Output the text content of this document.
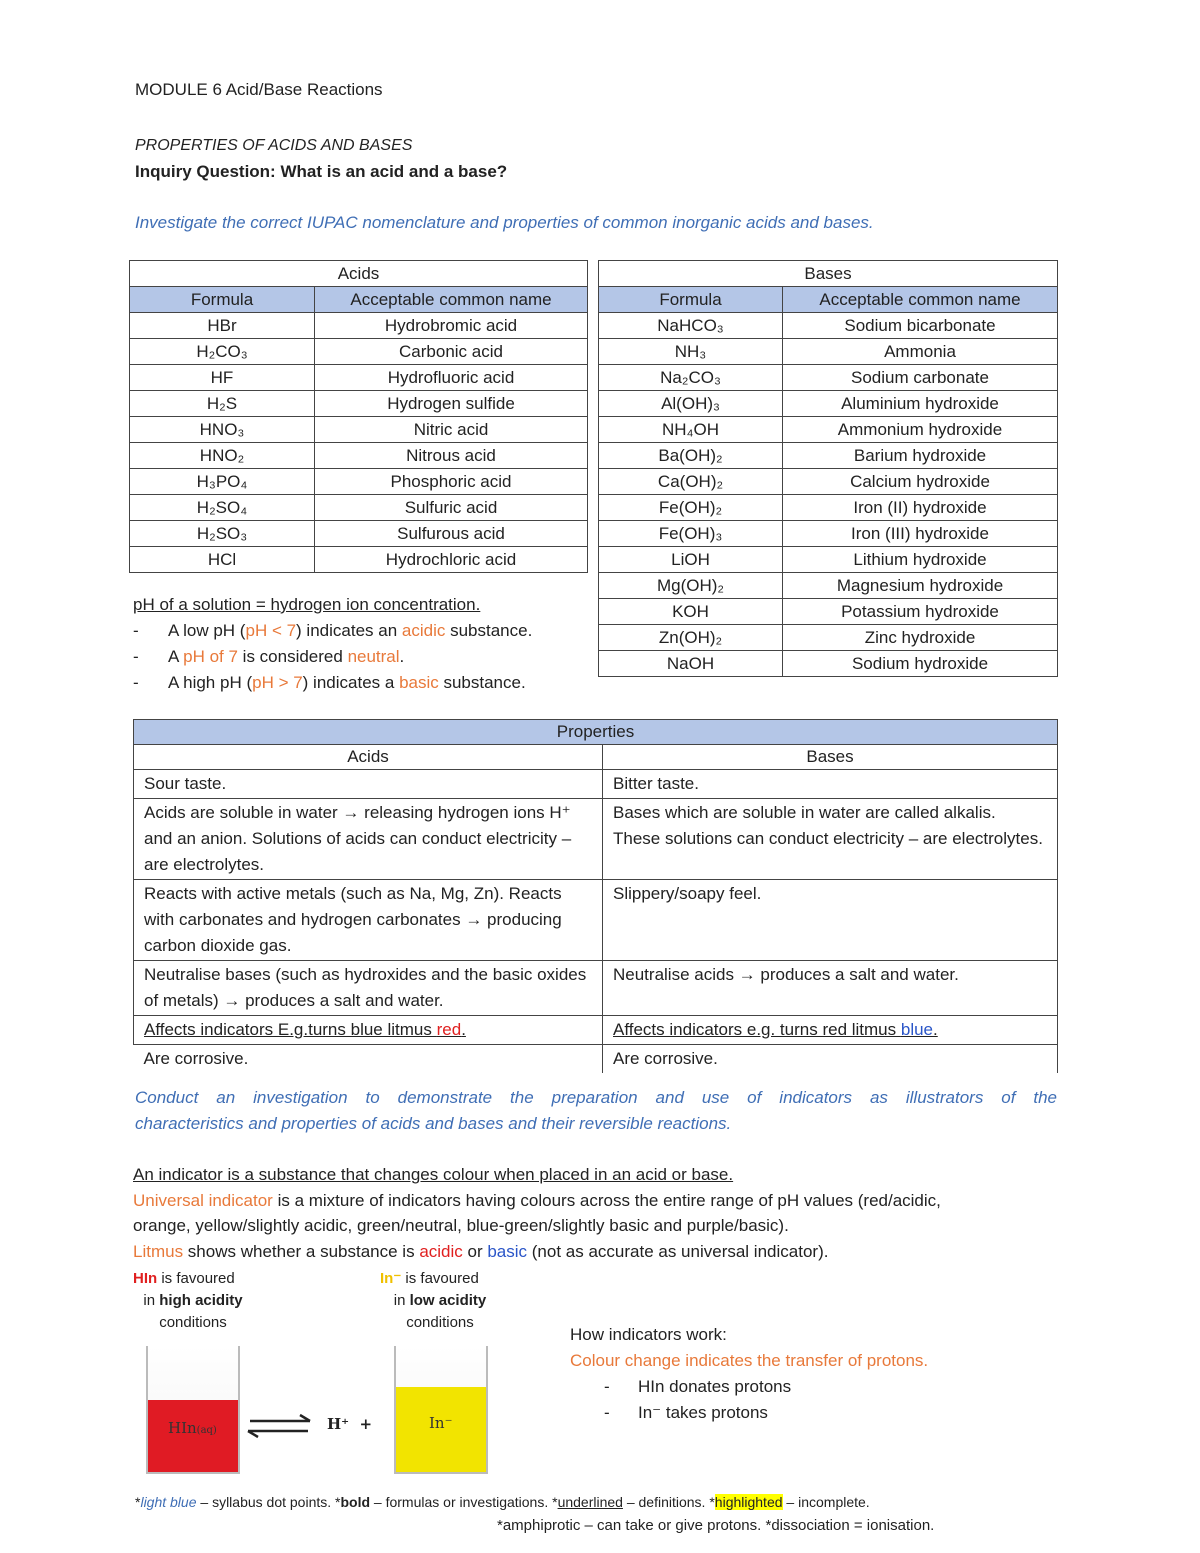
MODULE 6 Acid/Base Reactions
PROPERTIES OF ACIDS AND BASES
Inquiry Question: What is an acid and a base?
Investigate the correct IUPAC nomenclature and properties of common inorganic acids and bases.
Acids	
Formula	Acceptable common name
HBr	Hydrobromic acid
H₂CO₃	Carbonic acid
HF	Hydrofluoric acid
H₂S	Hydrogen sulfide
HNO₃	Nitric acid
HNO₂	Nitrous acid
H₃PO₄	Phosphoric acid
H₂SO₄	Sulfuric acid
H₂SO₃	Sulfurous acid
HCl	Hydrochloric acid
Bases	
Formula	Acceptable common name
NaHCO₃	Sodium bicarbonate
NH₃	Ammonia
Na₂CO₃	Sodium carbonate
Al(OH)₃	Aluminium hydroxide
NH₄OH	Ammonium hydroxide
Ba(OH)₂	Barium hydroxide
Ca(OH)₂	Calcium hydroxide
Fe(OH)₂	Iron (II) hydroxide
Fe(OH)₃	Iron (III) hydroxide
LiOH	Lithium hydroxide
Mg(OH)₂	Magnesium hydroxide
KOH	Potassium hydroxide
Zn(OH)₂	Zinc hydroxide
NaOH	Sodium hydroxide
pH of a solution = hydrogen ion concentration.
- A low pH (pH < 7) indicates an acidic substance.
- A pH of 7 is considered neutral.
- A high pH (pH > 7) indicates a basic substance.
Properties	
Acids	Bases
Sour taste.	Bitter taste.
Acids are soluble in water → releasing hydrogen ions H⁺ and an anion. Solutions of acids can conduct electricity – are electrolytes.	Bases which are soluble in water are called alkalis. These solutions can conduct electricity – are electrolytes.
Reacts with active metals (such as Na, Mg, Zn). Reacts with carbonates and hydrogen carbonates → producing carbon dioxide gas.	Slippery/soapy feel.
Neutralise bases (such as hydroxides and the basic oxides of metals) → produces a salt and water.	Neutralise acids → produces a salt and water.
Affects indicators E.g.turns blue litmus red.	Affects indicators e.g. turns red litmus blue.
Are corrosive.	Are corrosive.
Conduct an investigation to demonstrate the preparation and use of indicators as illustrators of the
characteristics and properties of acids and bases and their reversible reactions.
An indicator is a substance that changes colour when placed in an acid or base.
Universal indicator is a mixture of indicators having colours across the entire range of pH values (red/acidic,
orange, yellow/slightly acidic, green/neutral, blue-green/slightly basic and purple/basic).
Litmus shows whether a substance is acidic or basic (not as accurate as universal indicator).
HIn is favoured
in high acidity
conditions
In⁻ is favoured
in low acidity
conditions
HIn(aq)	H⁺  +	In⁻
How indicators work:
Colour change indicates the transfer of protons.
- HIn donates protons
- In⁻ takes protons
*light blue – syllabus dot points. *bold – formulas or investigations. *underlined – definitions. *highlighted – incomplete.
*amphiprotic – can take or give protons. *dissociation = ionisation.
